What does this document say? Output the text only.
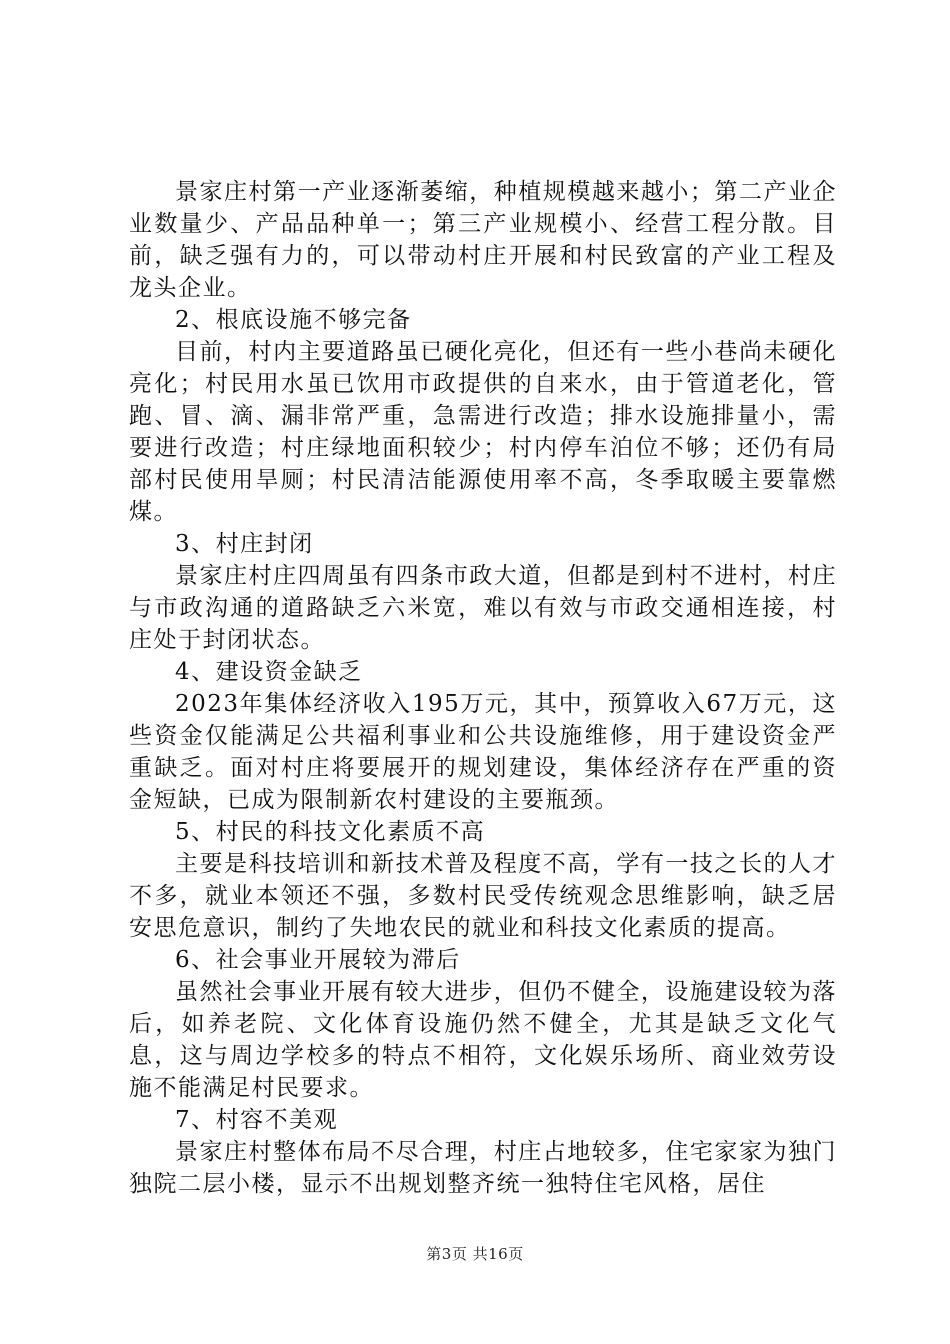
景家庄村第一产业逐渐萎缩，种植规模越来越小；第二产业企业数量少、产品品种单一；第三产业规模小、经营工程分散。目前，缺乏强有力的，可以带动村庄开展和村民致富的产业工程及龙头企业。

2、根底设施不够完备

目前，村内主要道路虽已硬化亮化，但还有一些小巷尚未硬化亮化；村民用水虽已饮用市政提供的自来水，由于管道老化，管跑、冒、滴、漏非常严重，急需进行改造；排水设施排量小，需要进行改造；村庄绿地面积较少；村内停车泊位不够；还仍有局部村民使用旱厕；村民清洁能源使用率不高，冬季取暖主要靠燃煤。

3、村庄封闭

景家庄村庄四周虽有四条市政大道，但都是到村不进村，村庄与市政沟通的道路缺乏六米宽，难以有效与市政交通相连接，村庄处于封闭状态。

4、建设资金缺乏

2023年集体经济收入195万元，其中，预算收入67万元，这些资金仅能满足公共福利事业和公共设施维修，用于建设资金严重缺乏。面对村庄将要展开的规划建设，集体经济存在严重的资金短缺，已成为限制新农村建设的主要瓶颈。

5、村民的科技文化素质不高

主要是科技培训和新技术普及程度不高，学有一技之长的人才不多，就业本领还不强，多数村民受传统观念思维影响，缺乏居安思危意识，制约了失地农民的就业和科技文化素质的提高。

6、社会事业开展较为滞后

虽然社会事业开展有较大进步，但仍不健全，设施建设较为落后，如养老院、文化体育设施仍然不健全，尤其是缺乏文化气息，这与周边学校多的特点不相符，文化娱乐场所、商业效劳设施不能满足村民要求。

7、村容不美观

景家庄村整体布局不尽合理，村庄占地较多，住宅家家为独门独院二层小楼，显示不出规划整齐统一独特住宅风格，居住

第3页 共16页
